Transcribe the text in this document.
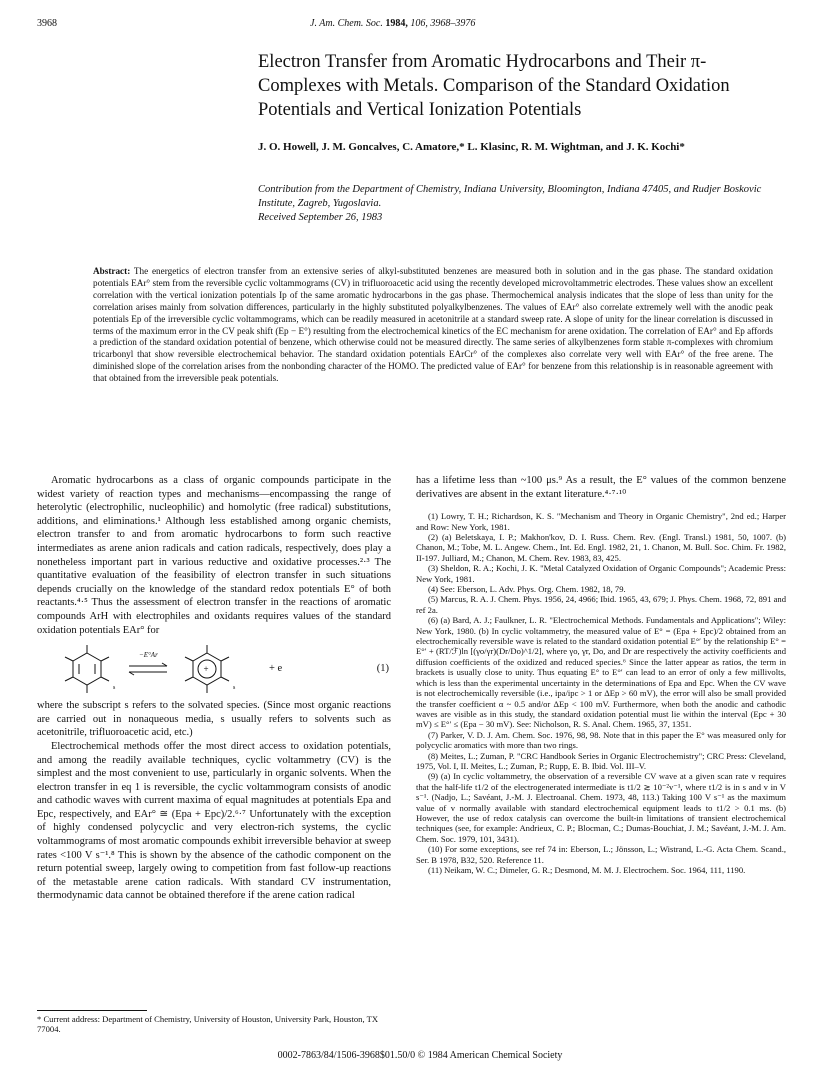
3968	J. Am. Chem. Soc. 1984, 106, 3968–3976
Electron Transfer from Aromatic Hydrocarbons and Their π-Complexes with Metals. Comparison of the Standard Oxidation Potentials and Vertical Ionization Potentials
J. O. Howell, J. M. Goncalves, C. Amatore,* L. Klasinc, R. M. Wightman, and J. K. Kochi*
Contribution from the Department of Chemistry, Indiana University, Bloomington, Indiana 47405, and Rudjer Boskovic Institute, Zagreb, Yugoslavia.
Received September 26, 1983
Abstract: The energetics of electron transfer from an extensive series of alkyl-substituted benzenes are measured both in solution and in the gas phase. The standard oxidation potentials EAr° stem from the reversible cyclic voltammograms (CV) in trifluoroacetic acid using the recently developed microvoltammetric electrodes. These values show an excellent correlation with the vertical ionization potentials Ip of the same aromatic hydrocarbons in the gas phase. Thermochemical analysis indicates that the slope of less than unity for the correlation arises mainly from solvation differences, particularly in the highly substituted polyalkylbenzenes. The values of EAr° also correlate extremely well with the anodic peak potentials Ep of the irreversible cyclic voltammograms, which can be readily measured in acetonitrile at a standard sweep rate. A slope of unity for the linear correlation is discussed in terms of the maximum error in the CV peak shift (Ep − E°) resulting from the electrochemical kinetics of the EC mechanism for arene oxidation. The correlation of EAr° and Ep affords a prediction of the standard oxidation potential of benzene, which otherwise could not be measured directly. The same series of alkylbenzenes form stable π-complexes with chromium tricarbonyl that show reversible electrochemical behavior. The standard oxidation potentials EArCr° of the complexes also correlate very well with EAr° of the free arene. The diminished slope of the correlation arises from the nonbonding character of the HOMO. The predicted value of EAr° for benzene from this relationship is in reasonable agreement with that obtained from the irreversible peak potentials.

Aromatic hydrocarbons as a class of organic compounds participate in the widest variety of reaction types and mechanisms—encompassing the range of heterolytic (electrophilic, nucleophilic) and homolytic (free radical) substitutions, additions, and eliminations.¹ Although less established among organic chemists, electron transfer to and from aromatic hydrocarbons to form such reactive intermediates as arene anion radicals and cation radicals, respectively, does play a nonetheless important part in various reductive and oxidative processes.²·³ The quantitative evaluation of the feasibility of electron transfer in such situations depends crucially on the knowledge of the standard redox potentials E° of both reactants.⁴·⁵ Thus the assessment of electron transfer in the reactions of aromatic compounds ArH with electrophiles and oxidants requires values of the standard oxidation potentials EAr° for

s	s
+
−E°Ar
+ e	(1)

where the subscript s refers to the solvated species. (Since most organic reactions are carried out in nonaqueous media, s usually refers to solvents such as acetonitrile, trifluoroacetic acid, etc.)

Electrochemical methods offer the most direct access to oxidation potentials, and among the readily available techniques, cyclic voltammetry (CV) is the simplest and the most convenient to use, particularly in organic solvents. When the electron transfer in eq 1 is reversible, the cyclic voltammogram consists of anodic and cathodic waves with current maxima of equal magnitudes at potentials Epa and Epc, respectively, and EAr° ≅ (Epa + Epc)/2.⁶·⁷ Unfortunately with the exception of highly condensed polycyclic and very electron-rich systems, the cyclic voltammograms of most aromatic compounds exhibit irreversible behavior at sweep rates <100 V s⁻¹.⁸ This is shown by the absence of the cathodic component on the return potential sweep, largely owing to competition from fast follow-up reactions of the metastable arene cation radicals. With standard CV instrumentation, thermodynamic data cannot be obtained therefore if the arene cation radical

has a lifetime less than ~100 μs.⁹ As a result, the E° values of the common benzene derivatives are absent in the extant literature.⁴·⁷·¹⁰

(1) Lowry, T. H.; Richardson, K. S. "Mechanism and Theory in Organic Chemistry", 2nd ed.; Harper and Row: New York, 1981.
(2) (a) Beletskaya, I. P.; Makhon'kov, D. I. Russ. Chem. Rev. (Engl. Transl.) 1981, 50, 1007. (b) Chanon, M.; Tobe, M. L. Angew. Chem., Int. Ed. Engl. 1982, 21, 1. Chanon, M. Bull. Soc. Chim. Fr. 1982, II-197. Julliard, M.; Chanon, M. Chem. Rev. 1983, 83, 425.
(3) Sheldon, R. A.; Kochi, J. K. "Metal Catalyzed Oxidation of Organic Compounds"; Academic Press: New York, 1981.
(4) See: Eberson, L. Adv. Phys. Org. Chem. 1982, 18, 79.
(5) Marcus, R. A. J. Chem. Phys. 1956, 24, 4966; Ibid. 1965, 43, 679; J. Phys. Chem. 1968, 72, 891 and ref 2a.
(6) (a) Bard, A. J.; Faulkner, L. R. "Electrochemical Methods. Fundamentals and Applications"; Wiley: New York, 1980. (b) In cyclic voltammetry, the measured value of E° = (Epa + Epc)/2 obtained from an electrochemically reversible wave is related to the standard oxidation potential E°′ by the relationship E° = E°′ + (RT/ℱ)ln [(γo/γr)(Dr/Do)^1/2], where γo, γr, Do, and Dr are respectively the activity coefficients and diffusion coefficients of the oxidized and reduced species.⁶ Since the latter appear as ratios, the term in brackets is usually close to unity. Thus equating E° to E°′ can lead to an error of only a few millivolts, which is less than the experimental uncertainty in the determinations of Epa and Epc. When the CV wave is not electrochemically reversible (i.e., ipa/ipc > 1 or ΔEp > 60 mV), the error will also be small provided the transfer coefficient α ~ 0.5 and/or ΔEp < 100 mV. Furthermore, when both the anodic and cathodic waves are visible as in this study, the standard oxidation potential must lie within the interval (Epc + 30 mV) ≤ E°′ ≤ (Epa − 30 mV). See: Nicholson, R. S. Anal. Chem. 1965, 37, 1351.
(7) Parker, V. D. J. Am. Chem. Soc. 1976, 98, 98. Note that in this paper the E° was measured only for polycyclic aromatics with more than two rings.
(8) Meites, L.; Zuman, P. "CRC Handbook Series in Organic Electrochemistry"; CRC Press: Cleveland, 1975, Vol. I, II. Meites, L.; Zuman, P.; Rupp, E. B. Ibid. Vol. III–V.
(9) (a) In cyclic voltammetry, the observation of a reversible CV wave at a given scan rate v requires that the half-life t1/2 of the electrogenerated intermediate is t1/2 ≳ 10⁻²v⁻¹, where t1/2 is in s and v in V s⁻¹. (Nadjo, L.; Savéant, J.-M. J. Electroanal. Chem. 1973, 48, 113.) Taking 100 V s⁻¹ as the maximum value of v normally available with standard electrochemical equipment leads to t1/2 > 0.1 ms. (b) However, the use of redox catalysis can overcome the built-in limitations of transient electrochemical techniques (see, for example: Andrieux, C. P.; Blocman, C.; Dumas-Bouchiat, J. M.; Savéant, J.-M. J. Am. Chem. Soc. 1979, 101, 3431).
(10) For some exceptions, see ref 74 in: Eberson, L.; Jönsson, L.; Wistrand, L.-G. Acta Chem. Scand., Ser. B 1978, B32, 520. Reference 11.
(11) Neikam, W. C.; Dimeler, G. R.; Desmond, M. M. J. Electrochem. Soc. 1964, 111, 1190.
* Current address: Department of Chemistry, University of Houston, University Park, Houston, TX 77004.
0002-7863/84/1506-3968$01.50/0 © 1984 American Chemical Society
